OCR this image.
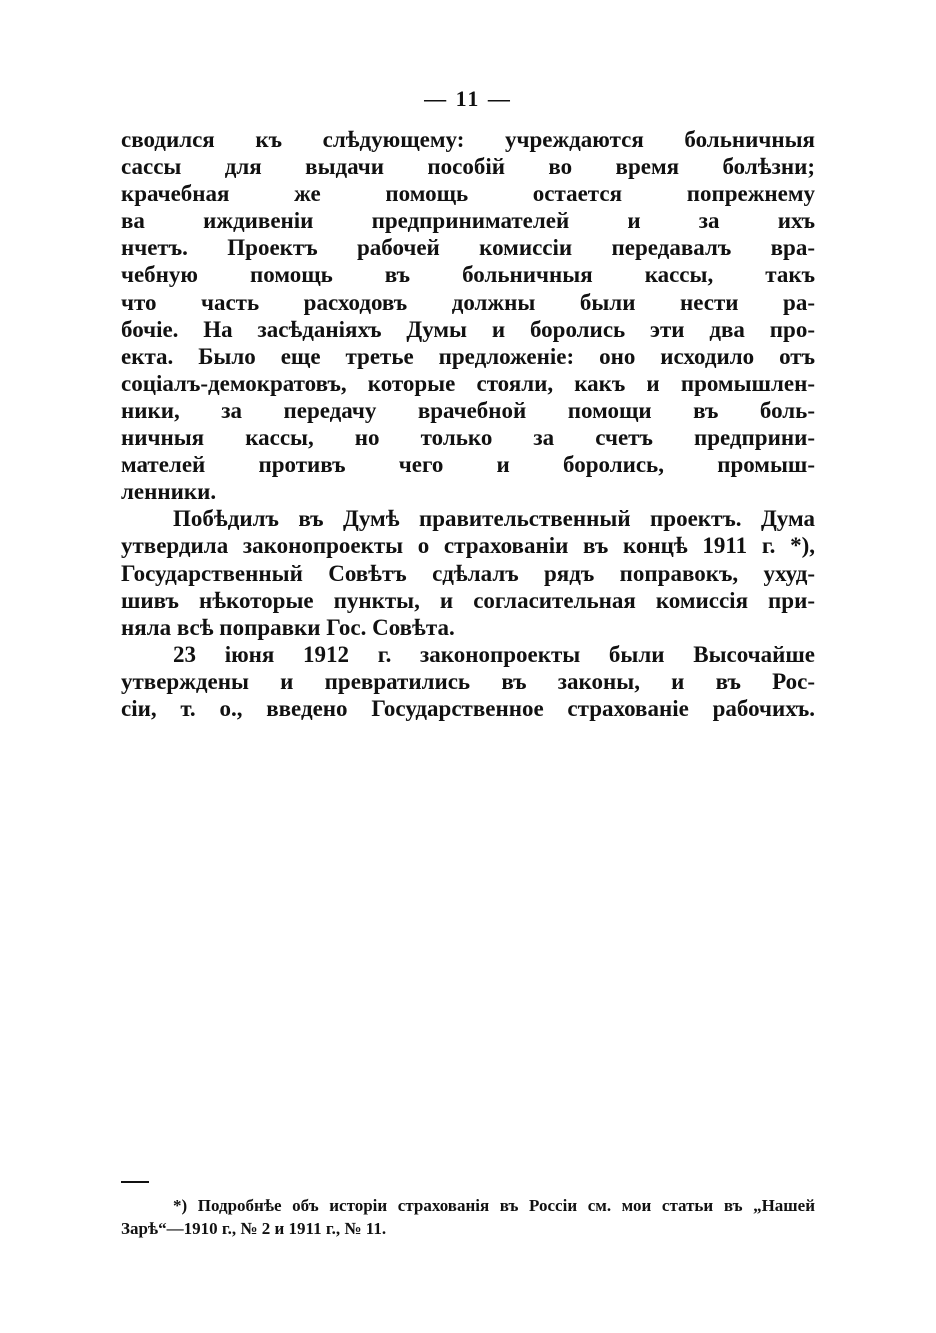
— 11 —
сводился къ слѣдующему: учреждаются больничныя
сассы для выдачи пособій во время болѣзни;
крачебная же помощь остается попрежнему
ва иждивеніи предпринимателей и за ихъ
нчетъ. Проектъ рабочей комиссіи передавалъ вра-
чебную помощь въ больничныя кассы, такъ
что часть расходовъ должны были нести ра-
бочіе. На засѣданіяхъ Думы и боролись эти два про-
екта. Было еще третье предложеніе: оно исходило отъ
соціалъ-демократовъ, которые стояли, какъ и промышлен-
ники, за передачу врачебной помощи въ боль-
ничныя кассы, но только за счетъ предприни-
мателей противъ чего и боролись, промыш-
ленники.
Побѣдилъ въ Думѣ правительственный проектъ. Дума
утвердила законопроекты о страхованіи въ концѣ 1911 г. *),
Государственный Совѣтъ сдѣлалъ рядъ поправокъ, ухуд-
шивъ нѣкоторые пункты, и согласительная комиссія при-
няла всѣ поправки Гос. Совѣта.
23 іюня 1912 г. законопроекты были Высочайше
утверждены и превратились въ законы, и въ Рос-
сіи, т. о., введено Государственное страхованіе рабочихъ.
*) Подробнѣе объ исторіи страхованія въ Россіи см. мои статьи въ „Нашей
Зарѣ“—1910 г., № 2 и 1911 г., № 11.
